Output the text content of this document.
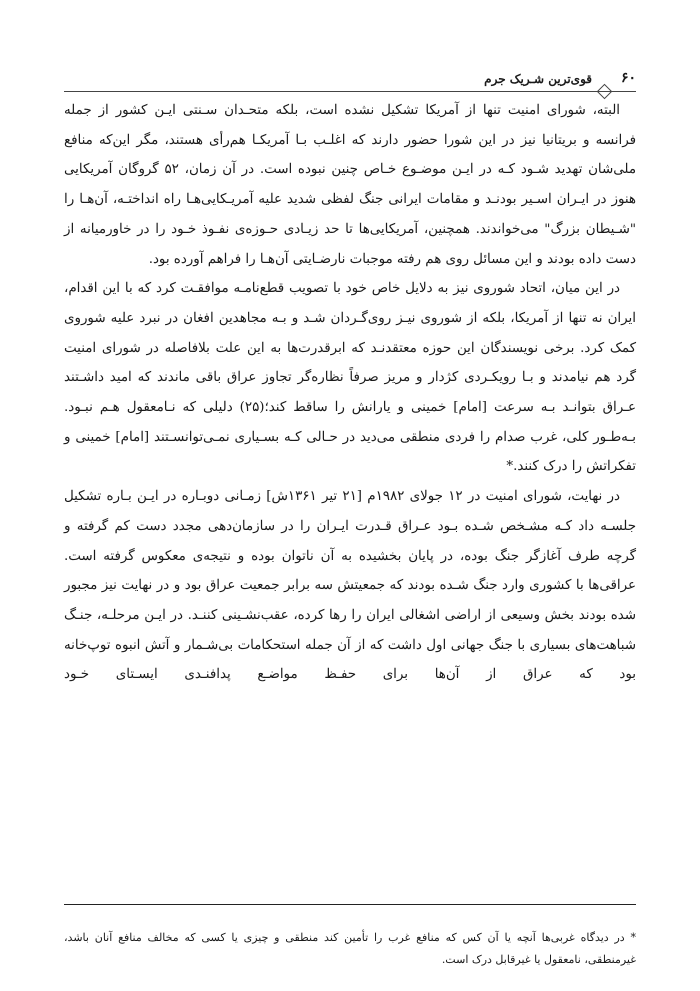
۶۰
قوی‌ترین شـریک جرم

البته، شورای امنیت تنها از آمریکا تشکیل نشده است، بلکه متحـدان سـنتی ایـن کشور از جمله فرانسه و بریتانیا نیز در این شورا حضور دارند که اغلـب بـا آمریکـا هم‌رأی هستند، مگر این‌که منافع ملی‌شان تهدید شـود کـه در ایـن موضـوع خـاص چنین نبوده است. در آن زمان، ۵۲ گروگان آمریکایی هنوز در ایـران اسـیر بودنـد و مقامات ایرانی جنگ لفظی شدید علیه آمریـکایی‌هـا راه انداختـه، آن‌هـا را "شـیطان بزرگ" می‌خواندند. همچنین، آمریکایی‌ها تا حد زیـادی حـوزه‌ی نفـوذ خـود را در خاورمیانه از دست داده بودند و این مسائل روی هم رفته موجبات نارضـایتی آن‌هـا را فراهم آورده بود.

در این میان، اتحاد شوروی نیز به دلایل خاص خود با تصویب قطع‌نامـه موافقـت کرد که با این اقدام، ایران نه تنها از آمریکا، بلکه از شوروی نیـز روی‌گـردان شـد و بـه مجاهدین افغان در نبرد علیه شوروی کمک کرد. برخی نویسندگان این حوزه معتقدنـد که ابرقدرت‌ها به این علت بلافاصله در شورای امنیت گرد هم نیامدند و بـا رویکـردی کژدار و مریز صرفاً نظاره‌گر تجاوز عراق باقی ماندند که امید داشـتند عـراق بتوانـد بـه سرعت [امام] خمینی و یارانش را ساقط کند؛(۲۵) دلیلی که نـامعقول هـم نبـود. بـه‌طـور کلی، غرب صدام را فردی منطقی می‌دید در حـالی کـه بسـیاری نمـی‌توانسـتند [امام] خمینی و تفکراتش را درک کنند.*

در نهایت، شورای امنیت در ۱۲ جولای ۱۹۸۲م [۲۱ تیر ۱۳۶۱ش] زمـانی دوبـاره در ایـن بـاره تشکیل جلسـه داد کـه مشـخص شـده بـود عـراق قـدرت ایـران را در سازمان‌دهی مجدد دست کم گرفته و گرچه طرف آغازگر جنگ بوده، در پایان بخشیده به آن ناتوان بوده و نتیجه‌ی معکوس گرفته است. عراقی‌ها با کشوری وارد جنگ شـده بودند که جمعیتش سه برابر جمعیت عراق بود و در نهایت نیز مجبور شده بودند بخش وسیعی از اراضی اشغالی ایران را رها کرده، عقب‌نشـینی کننـد. در ایـن مرحلـه، جنـگ شباهت‌های بسیاری با جنگ جهانی اول داشت که از آن جمله استحکامات بی‌شـمار و آتش انبوه توپ‌خانه بود که عراق از آن‌ها برای حفـظ مواضـع پدافنـدی ایسـتای خـود

* در دیدگاه غربی‌ها آنچه یا آن کس که منافع غرب را تأمین کند منطقی و چیزی یا کسی که مخالف منافع آنان باشد، غیرمنطقی، نامعقول یا غیرقابل درک است.
